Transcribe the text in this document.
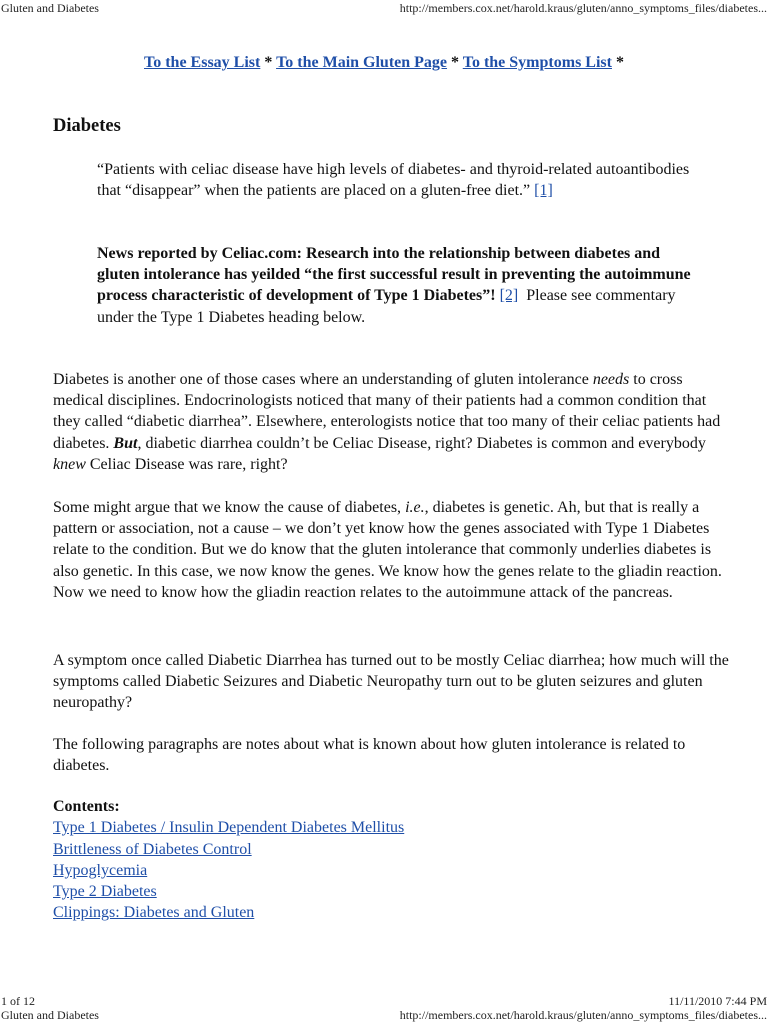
Gluten and Diabetes	http://members.cox.net/harold.kraus/gluten/anno_symptoms_files/diabetes...
To the Essay List * To the Main Gluten Page * To the Symptoms List *
Diabetes
“Patients with celiac disease have high levels of diabetes- and thyroid-related autoantibodies that “disappear” when the patients are placed on a gluten-free diet.” [1]
News reported by Celiac.com: Research into the relationship between diabetes and gluten intolerance has yeilded “the first successful result in preventing the autoimmune process characteristic of development of Type 1 Diabetes”! [2] Please see commentary under the Type 1 Diabetes heading below.
Diabetes is another one of those cases where an understanding of gluten intolerance needs to cross medical disciplines. Endocrinologists noticed that many of their patients had a common condition that they called “diabetic diarrhea”. Elsewhere, enterologists notice that too many of their celiac patients had diabetes. But, diabetic diarrhea couldn’t be Celiac Disease, right? Diabetes is common and everybody knew Celiac Disease was rare, right?
Some might argue that we know the cause of diabetes, i.e., diabetes is genetic. Ah, but that is really a pattern or association, not a cause – we don’t yet know how the genes associated with Type 1 Diabetes relate to the condition. But we do know that the gluten intolerance that commonly underlies diabetes is also genetic. In this case, we now know the genes. We know how the genes relate to the gliadin reaction. Now we need to know how the gliadin reaction relates to the autoimmune attack of the pancreas.
A symptom once called Diabetic Diarrhea has turned out to be mostly Celiac diarrhea; how much will the symptoms called Diabetic Seizures and Diabetic Neuropathy turn out to be gluten seizures and gluten neuropathy?
The following paragraphs are notes about what is known about how gluten intolerance is related to diabetes.
Contents:
Type 1 Diabetes / Insulin Dependent Diabetes Mellitus
Brittleness of Diabetes Control
Hypoglycemia
Type 2 Diabetes
Clippings: Diabetes and Gluten
1 of 12	11/11/2010 7:44 PM
Gluten and Diabetes	http://members.cox.net/harold.kraus/gluten/anno_symptoms_files/diabetes...
